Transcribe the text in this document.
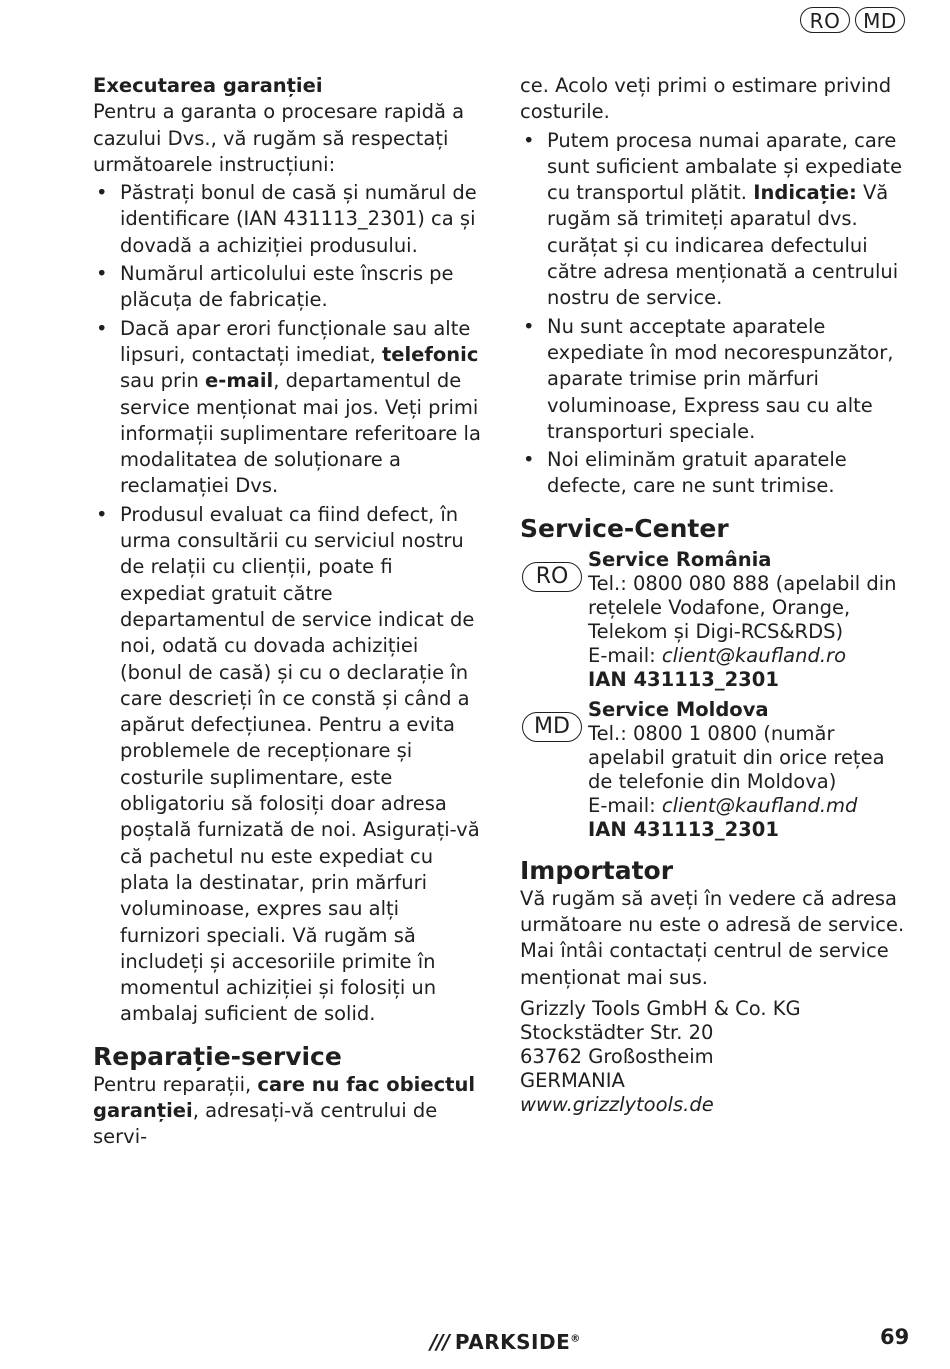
RO	MD
Executarea garanției

Pentru a garanta o procesare rapidă a cazului Dvs., vă rugăm să respectați următoarele instrucțiuni:

• Păstrați bonul de casă și numărul de identificare (IAN 431113_2301) ca și dovadă a achiziției produsului.
• Numărul articolului este înscris pe plăcuța de fabricație.
• Dacă apar erori funcționale sau alte lipsuri, contactați imediat, telefonic sau prin e-mail, departamentul de service menționat mai jos. Veți primi informații suplimentare referitoare la modalitatea de soluționare a reclamației Dvs.
• Produsul evaluat ca fiind defect, în urma consultării cu serviciul nostru de relații cu clienții, poate fi expediat gratuit către departamentul de service indicat de noi, odată cu dovada achiziției (bonul de casă) și cu o declarație în care descrieți în ce constă și când a apărut defecțiunea. Pentru a evita problemele de recepționare și costurile suplimentare, este obligatoriu să folosiți doar adresa poștală furnizată de noi. Asigurați-vă că pachetul nu este expediat cu plata la destinatar, prin mărfuri voluminoase, expres sau alți furnizori speciali. Vă rugăm să includeți și accesoriile primite în momentul achiziției și folosiți un ambalaj suficient de solid.
Reparație-service

Pentru reparații, care nu fac obiectul garanției, adresați-vă centrului de servi-

ce. Acolo veți primi o estimare privind costurile.

• Putem procesa numai aparate, care sunt suficient ambalate și expediate cu transportul plătit. Indicație: Vă rugăm să trimiteți aparatul dvs. curățat și cu indicarea defectului către adresa menționată a centrului nostru de service.
• Nu sunt acceptate aparatele expediate în mod necorespunzător, aparate trimise prin mărfuri voluminoase, Express sau cu alte transporturi speciale.
• Noi eliminăm gratuit aparatele defecte, care ne sunt trimise.
Service-Center
RO
Service România
Tel.: 0800 080 888 (apelabil din rețelele Vodafone, Orange, Telekom și Digi-RCS&RDS)
E-mail: client@kaufland.ro
IAN 431113_2301
MD
Service Moldova
Tel.: 0800 1 0800 (număr apelabil gratuit din orice rețea de telefonie din Moldova)
E-mail: client@kaufland.md
IAN 431113_2301
Importator

Vă rugăm să aveți în vedere că adresa următoare nu este o adresă de service. Mai întâi contactați centrul de service menționat mai sus.

Grizzly Tools GmbH & Co. KG
Stockstädter Str. 20
63762 Großostheim
GERMANIA
www.grizzlytools.de
/// PARKSIDE®	69
